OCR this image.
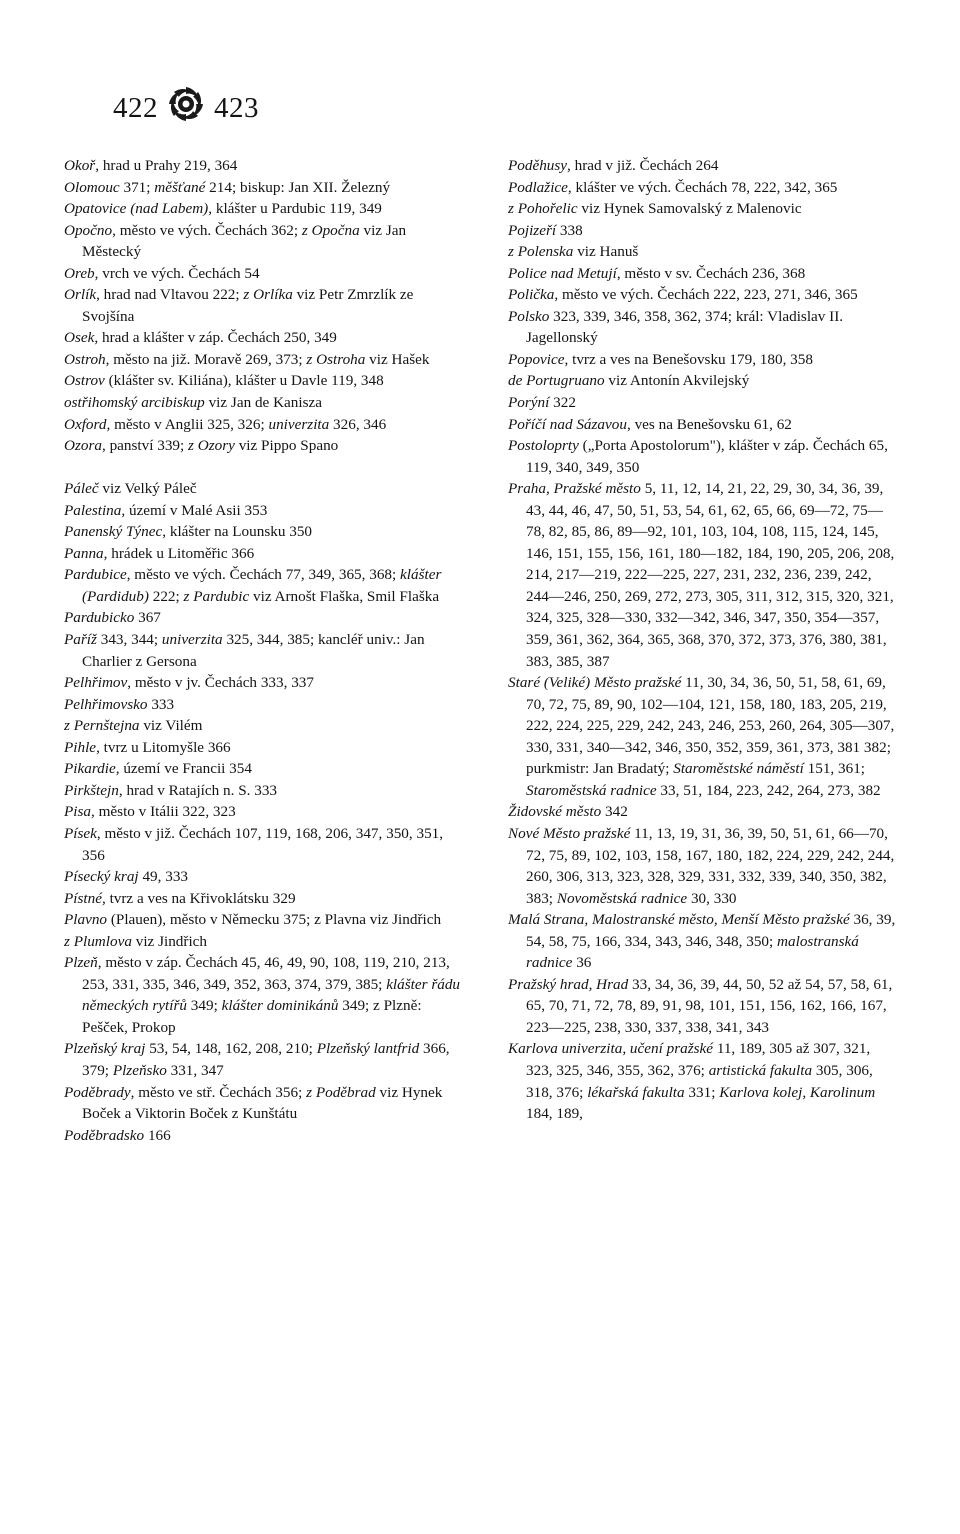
422 423
Okoř, hrad u Prahy 219, 364
Olomouc 371; měšťané 214; biskup: Jan XII. Železný
Opatovice (nad Labem), klášter u Pardubic 119, 349
Opočno, město ve vých. Čechách 362; z Opočna viz Jan Městecký
Oreb, vrch ve vých. Čechách 54
Orlík, hrad nad Vltavou 222; z Orlíka viz Petr Zmrzlík ze Svojšína
Osek, hrad a klášter v záp. Čechách 250, 349
Ostroh, město na již. Moravě 269, 373; z Ostroha viz Hašek
Ostrov (klášter sv. Kiliána), klášter u Davle 119, 348
ostřihomský arcibiskup viz Jan de Kanisza
Oxford, město v Anglii 325, 326; univerzita 326, 346
Ozora, panství 339; z Ozory viz Pippo Spano
Páleč viz Velký Páleč
Palestina, území v Malé Asii 353
Panenský Týnec, klášter na Lounsku 350
Panna, hrádek u Litoměřic 366
Pardubice, město ve vých. Čechách 77, 349, 365, 368; klášter (Pardidub) 222; z Pardubic viz Arnošt Flaška, Smil Flaška
Pardubicko 367
Paříž 343, 344; univerzita 325, 344, 385; kancléř univ.: Jan Charlier z Gersona
Pelhřimov, město v jv. Čechách 333, 337
Pelhřimovsko 333
z Pernštejna viz Vilém
Pihle, tvrz u Litomyšle 366
Pikardie, území ve Francii 354
Pirkštejn, hrad v Ratajích n. S. 333
Pisa, město v Itálii 322, 323
Písek, město v již. Čechách 107, 119, 168, 206, 347, 350, 351, 356
Písecký kraj 49, 333
Pístné, tvrz a ves na Křivoklátsku 329
Plavno (Plauen), město v Německu 375; z Plavna viz Jindřich
z Plumlova viz Jindřich
Plzeň, město v záp. Čechách 45, 46, 49, 90, 108, 119, 210, 213, 253, 331, 335, 346, 349, 352, 363, 374, 379, 385; klášter řádu německých rytířů 349; klášter dominikánů 349; z Plzně: Pešček, Prokop
Plzeňský kraj 53, 54, 148, 162, 208, 210; Plzeňský lantfrid 366, 379; Plzeňsko 331, 347
Poděbrady, město ve stř. Čechách 356; z Poděbrad viz Hynek Boček a Viktorin Boček z Kunštátu
Poděbradsko 166
Poděhusy, hrad v již. Čechách 264
Podlažice, klášter ve vých. Čechách 78, 222, 342, 365
z Pohořelic viz Hynek Samovalský z Malenovic
Pojizeří 338
z Polenska viz Hanuš
Police nad Metují, město v sv. Čechách 236, 368
Polička, město ve vých. Čechách 222, 223, 271, 346, 365
Polsko 323, 339, 346, 358, 362, 374; král: Vladislav II. Jagellonský
Popovice, tvrz a ves na Benešovsku 179, 180, 358
de Portugruano viz Antonín Akvilejský
Porýní 322
Poříčí nad Sázavou, ves na Benešovsku 61, 62
Postoloprty („Porta Apostolorum"), klášter v záp. Čechách 65, 119, 340, 349, 350
Praha, Pražské město 5, 11, 12, 14, 21, 22, 29, 30, 34, 36, 39, 43, 44, 46, 47, 50, 51, 53, 54, 61, 62, 65, 66, 69—72, 75—78, 82, 85, 86, 89—92, 101, 103, 104, 108, 115, 124, 145, 146, 151, 155, 156, 161, 180—182, 184, 190, 205, 206, 208, 214, 217—219, 222—225, 227, 231, 232, 236, 239, 242, 244—246, 250, 269, 272, 273, 305, 311, 312, 315, 320, 321, 324, 325, 328—330, 332—342, 346, 347, 350, 354—357, 359, 361, 362, 364, 365, 368, 370, 372, 373, 376, 380, 381, 383, 385, 387
Staré (Veliké) Město pražské 11, 30, 34, 36, 50, 51, 58, 61, 69, 70, 72, 75, 89, 90, 102—104, 121, 158, 180, 183, 205, 219, 222, 224, 225, 229, 242, 243, 246, 253, 260, 264, 305—307, 330, 331, 340—342, 346, 350, 352, 359, 361, 373, 381 382; purkmistr: Jan Bradatý; Staroměstské náměstí 151, 361; Staroměstská radnice 33, 51, 184, 223, 242, 264, 273, 382
Židovské město 342
Nové Město pražské 11, 13, 19, 31, 36, 39, 50, 51, 61, 66—70, 72, 75, 89, 102, 103, 158, 167, 180, 182, 224, 229, 242, 244, 260, 306, 313, 323, 328, 329, 331, 332, 339, 340, 350, 382, 383; Novoměstská radnice 30, 330
Malá Strana, Malostranské město, Menší Město pražské 36, 39, 54, 58, 75, 166, 334, 343, 346, 348, 350; malostranská radnice 36
Pražský hrad, Hrad 33, 34, 36, 39, 44, 50, 52 až 54, 57, 58, 61, 65, 70, 71, 72, 78, 89, 91, 98, 101, 151, 156, 162, 166, 167, 223—225, 238, 330, 337, 338, 341, 343
Karlova univerzita, učení pražské 11, 189, 305 až 307, 321, 323, 325, 346, 355, 362, 376; artistická fakulta 305, 306, 318, 376; lékařská fakulta 331; Karlova kolej, Karolinum 184, 189,
